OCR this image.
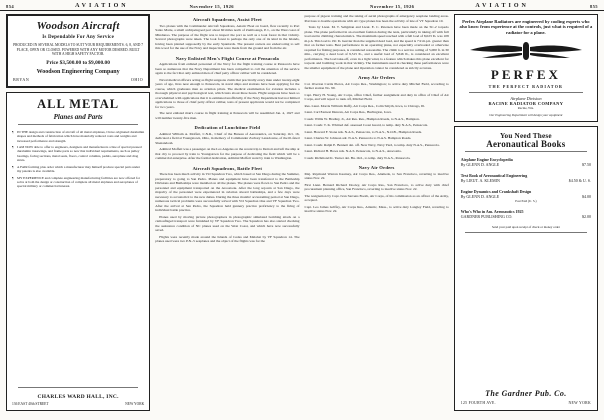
854	AVIATION	November 15, 1926	November 15, 1926	AVIATION	855
Woodson Aircraft
Is Dependable For Any Service
PRODUCED IN SEVERAL MODELS TO SUIT YOUR REQUIREMENTS. 6, 8, AND 7 PLACE, OPEN OR CLOSED. POWERED WITH ANY MOTOR DESIRED. BUILT WITH A HIGH SAFETY FACTOR.
Price $3,500.00 to $9,000.00
Woodson Engineering Company
BRYAN	OHIO
ALL METAL
Planes and Parts
¶ IN THE design and construction of aircraft of all metal airplanes, I have originated duralumin shapes and methods of fabrication which have materially reduced costs and weights and increased performance and strength.
¶ I AM NOW able to offer to engineers, designers and manufacturers a line of special pressed duralumin trusswings, and frame parts so new that individual requirements, such as pulley bearings, facing sections, metal seats, floors, control columns, pedals, aeroplane and drag struts.
¶ A FAIR forming plus order which a manufacturer may himself produce special parts under my patents is also available.
¶ MY EXPERIENCE and complete engineering manufacturing facilities are now offered for solve at both the design or construction of complete all metal airplanes and aeroplanes of special military or commercial interest.
CHARLES WARD HALL, INC.
136 EAST 40th STREET	NEW YORK
Aircraft Squadrons, Assist Fleet

Two planes with the Commander Aircraft Squadrons, Asiatic Fleet on board, flew recently to Port Santo Marie, a small archipelagoed port about 60 miles north of Zamboanga, P. I., on the West coast of Mindanao. The purpose of the flight was to inspect the port as well as a look forest in that vicinity. Several photographs were taken. The look forest is perhaps the only one of its kind in the Islands, having been planted supposedly by the early Spaniards. The present owners are endeavoring to sell this wood for the use of the Navy and inspection were made from the ground and from the air.

Navy Enlisted Men's Flight Course at Pensacola

Applications from enlisted personnel of the Navy for the flight training course at Pensacola have been so numerous that the Navy Department has been compelled to call the attention of the service again to the fact that only enlisted men of chief petty officer caliber will be considered.

Naval medical officers acting as flight surgeons claim that practically every man under twenty-eight years of age, lives near enough to Pensacola, in naval ships and stations have been applying for the course, which graduates men as aviation pilots. The medical examination for aviation includes a thorough physical and psychological test, which lasts about three hours. Flight surgeons have been so overwhelmed with applications that it is estimated unofficially, if the Navy Department had not limited applications to those of chief petty officer caliber, tests of present applicants would not be completed for two years.

The next enlisted man's course in flight training at Pensacola will be assembled Jan. 4, 1927 and will number twenty-five men.

Dedication of Lunchtime Field

Admiral William A. Moffett, C.N.R., Chief of the Bureau of Aeronautics, on Saturday, Oct. 16, dedicated a field at Youngstown, Ohio, in memory of Commander Zachary Lansdowne, of the ill-fated Shenandoah.

Admiral Moffett was a passenger on the Los Angeles on the recent trip to Detroit and left the ship at that city to proceed by train to Youngstown for the purpose of dedicating the field which will be a commercial enterprise. After the formal dedication, Admiral Moffett went by train to Washington.

Aircraft Squadrons, Battle Fleet

There has been much activity in VO Squadron Two, which based at San Diego during the Summer, preparatory to going to San Pedro. Planes and equipment have been transferred to the Battleship Divisions and Battleships were installed on all the planes. The planes were flown to San Pedro and the personnel and equipment transported on the Aroostook. After the long sojourn at San Diego, the majority of the personnel were experienced in aviation aboard battleships, and a few days were necessary to accustom it to the new duties. During the three months' accustoming period at San Diego, numerous tactical problems were successfully solved with VO Squadron One and VF Squadron Two. After the arrival at San Pedro, the Squadron held gunnery practice proficiency to the firing of individual battle practice.

Planes used by moving picture photographers in photographic simulated bombing attack on a camouflaged transport were furnished by VF Squadron Two. The Squadron has also started checking the assistance condition of NC planes used on the West Coast, and which have now successfully saved.

Flights were recently made around the Islands of Cedes and Malabat by VF Squadron 14. The planes used were two P.N.-5 seaplanes and the object of the flights was for the

purpose of pigeon training and the taking of aerial photographs of emergency seaplane landing areas. Previous to hostile operations with AC type planes has been the activity of late of VT Squadron 10.

Tests by Lieut. M. T. Seligman and Lieut. E. C. Petersen have been made on the SC-2 torpedo plane. The plane performed in an excellent fashion during the tests, particularly in taking off with full load and in climbing characteristics. The maximum speed reached with a full load of 8,023 lb. was 108 m.p.h. This load is 191 lb. heavier than the supplied dead load, and the speed is 7.9 m.p.h. greater than that on former tests. Best performance in an operating plane, not especially overloaded or otherwise required for fishing purposes, is considered reasonable. The climb to a service ceiling of 5,000 ft. in 30 min., carrying a dead load of 9,515 lb., and a useful load of 5,846 lb., is considered an excellent performance. The load take-off, even in a light wind, is a feature which makes this plane excellent for torpedo and bombing work in that vicinity. The instruments used in checking these performances were the smaller equipment of the plane and Operation cannot be considered as strictly accurate.

Army Air Orders

Col. Overton Curtis Pierce, Air Corps Res., Washington; to active duty Mitchel Field, according to further station No. 90.

Capt. Harry H. Young, Air Corps, office Chief, further assignment and duty in office of Chief of Air Corps, and will report to rank off, Mitchel Field.

Res. Lieut. Morris Willrum Duffy, Air Corps Res., Colin Smyth, Iowa, to Chicago, Ill.

Lieut. Carl Earnest Duncan, Air Corps Res., Burlington, Iowa.

Coudr. Willis W. Bradley, Jr., Air Res. Res., Hampton Roads, to N.A.S., Hampton.

Lieut. Coudr. T. K. Whitred def. assessed Coast Guard, to temp. duty N.A.S., Pensacola.

Lieut. Howard F. Stone nds. N.A.S., Pensacola, to N.A.S., N.O.B., Hampton Roads.

Lieut. Charles W. Johnson adr. N.A.S. Pensacola to N.A.S. Hampton Roads.

Lieut. Coudr. Ralph E. Bennett det. off. New Navy, Navy Yard, to temp. duty N.A.S., Pensacola.

Lieut. Richard H. Howe nds. N.A.S. Pensacola, to N.A.S., Anacostia.

Coudr. Richmond K. Turner det. Bu. Ord., to temp. duty N.A.S., Pensacola.

Navy Air Orders

Maj. Raymond Warren Kearney, Air Corps Res., Alameda, to San Francisco, reverting to inactive status Nov. 22.

First Lieut. Bernard Richard Dooley, Air Corps Res., San Francisco, to active duty with chief procurement planning office, San Francisco, reverting to inactive status Nov. 22.

The resignation by Capt. Ivan Stevens Booth, Air Corps, of his commission as an officer of the Army, accepted.

Capt. Leo James Griffey, Air Corps Res., Atlantic, Mass., to active duty Langley Field, reverting to inactive status Nov. 22.

Perfex Airplane Radiators are engineered by cooling experts who also know from experience at the controls, just what is required of a radiator for a plane.
PERFEX
THE PERFECT RADIATOR
Airplane Division
RACINE RADIATOR COMPANY
Racine, Wis.
Our Engineering Department will design your equipment
You Need These
Aeronautical Books
Airplane Engine Encyclopedia
By GLENN D. ANGLE	$7.50
Text Book of Aeronautical Engineering
By LIEUT. A. KLEMIN	$4.50 & U. S.
Engine Dynamics and Crankshaft Design
By GLENN D. ANGLE	$4.00
Post Paid (U. S.)
Who's Who in Am. Aeronautics 1925
GARDNER PUBLISHING CO.	$2.00
Send your paid upon receipt of check or money order
The Gardner Pub. Co.
125 FOURTH AVE.	NEW YORK
